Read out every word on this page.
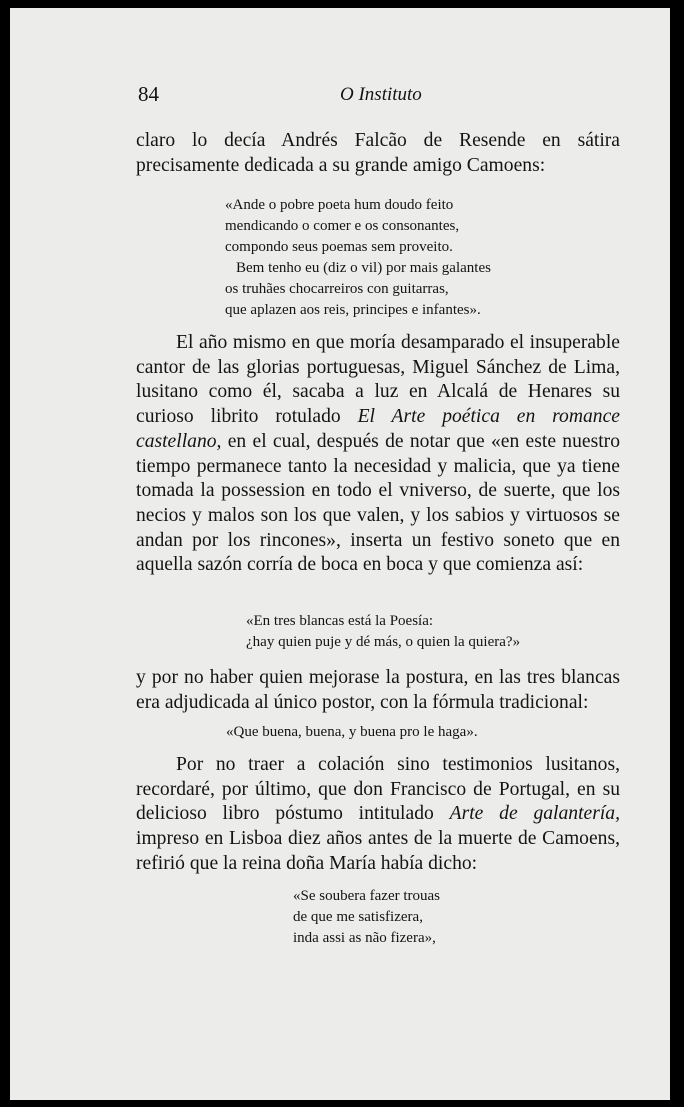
84	O Instituto

claro lo decía Andrés Falcão de Resende en sátira precisamente dedicada a su grande amigo Camoens:

«Ande o pobre poeta hum doudo feito
mendicando o comer e os consonantes,
compondo seus poemas sem proveito.
Bem tenho eu (diz o vil) por mais galantes
os truhães chocarreiros con guitarras,
que aplazen aos reis, principes e infantes».

El año mismo en que moría desamparado el insuperable cantor de las glorias portuguesas, Miguel Sánchez de Lima, lusitano como él, sacaba a luz en Alcalá de Henares su curioso librito rotulado El Arte poética en romance castellano, en el cual, después de notar que «en este nuestro tiempo permanece tanto la necesidad y malicia, que ya tiene tomada la possession en todo el vniverso, de suerte, que los necios y malos son los que valen, y los sabios y virtuosos se andan por los rincones», inserta un festivo soneto que en aquella sazón corría de boca en boca y que comienza así:

«En tres blancas está la Poesía:
¿hay quien puje y dé más, o quien la quiera?»

y por no haber quien mejorase la postura, en las tres blancas era adjudicada al único postor, con la fórmula tradicional:

«Que buena, buena, y buena pro le haga».

Por no traer a colación sino testimonios lusitanos, recordaré, por último, que don Francisco de Portugal, en su delicioso libro póstumo intitulado Arte de galantería, impreso en Lisboa diez años antes de la muerte de Camoens, refirió que la reina doña María había dicho:

«Se soubera fazer trouas
de que me satisfizera,
inda assi as não fizera»,
